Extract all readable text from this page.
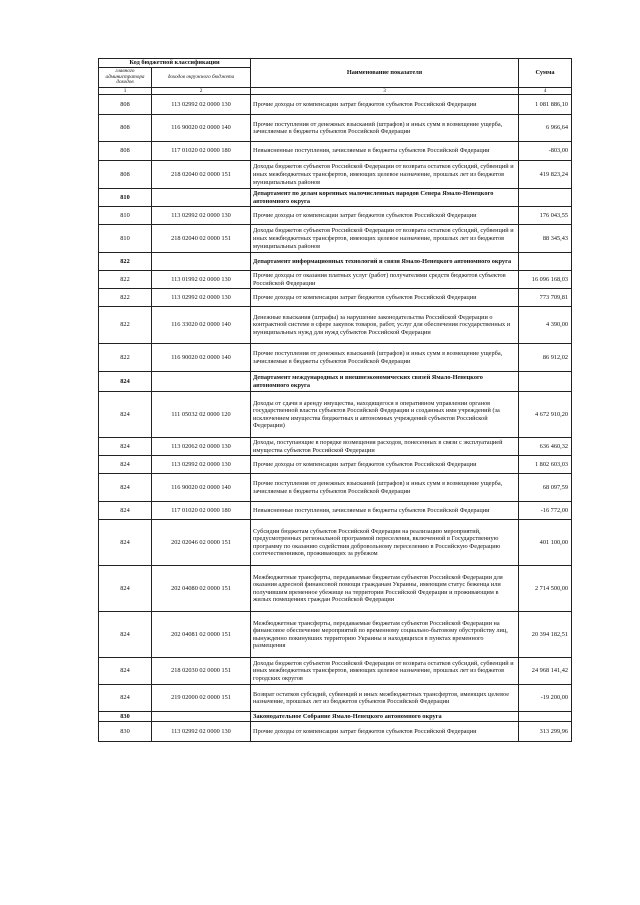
Код бюджетной классификации		Наименование показателя	Сумма
главного администратора доходов	доходов окружного бюджета		
1	2	3	4
808	113 02992 02 0000 130	Прочие доходы от компенсации затрат бюджетов субъектов Российской Федерации	1 081 886,10
808	116 90020 02 0000 140	Прочие поступления от денежных взысканий (штрафов) и иных сумм в возмещение ущерба, зачисляемые в бюджеты субъектов Российской Федерации	6 966,64
808	117 01020 02 0000 180	Невыясненные поступления, зачисляемые в бюджеты субъектов Российской Федерации	-803,00
808	218 02040 02 0000 151	Доходы бюджетов субъектов Российской Федерации от возврата остатков субсидий, субвенций и иных межбюджетных трансфертов, имеющих целевое назначение, прошлых лет из бюджетов муниципальных районов	419 823,24
810		Департамент по делам коренных малочисленных народов Севера Ямало-Ненецкого автономного округа	
810	113 02992 02 0000 130	Прочие доходы от компенсации затрат бюджетов субъектов Российской Федерации	176 043,55
810	218 02040 02 0000 151	Доходы бюджетов субъектов Российской Федерации от возврата остатков субсидий, субвенций и иных межбюджетных трансфертов, имеющих целевое назначение, прошлых лет из бюджетов муниципальных районов	88 345,43
822		Департамент информационных технологий и связи Ямало-Ненецкого автономного округа	
822	113 01992 02 0000 130	Прочие доходы от оказания платных услуг (работ) получателями средств бюджетов субъектов Российской Федерации	16 096 168,03
822	113 02992 02 0000 130	Прочие доходы от компенсации затрат бюджетов субъектов Российской Федерации	773 709,81
822	116 33020 02 0000 140	Денежные взыскания (штрафы) за нарушение законодательства Российской Федерации о контрактной системе в сфере закупок товаров, работ, услуг для обеспечения государственных и муниципальных нужд для нужд субъектов Российской Федерации	4 390,00
822	116 90020 02 0000 140	Прочие поступления от денежных взысканий (штрафов) и иных сумм в возмещение ущерба, зачисляемые в бюджеты субъектов Российской Федерации	86 912,02
824		Департамент международных и внешнеэкономических связей Ямало-Ненецкого автономного округа	
824	111 05032 02 0000 120	Доходы от сдачи в аренду имущества, находящегося в оперативном управлении органов государственной власти субъектов Российской Федерации и созданных ими учреждений (за исключением имущества бюджетных и автономных учреждений субъектов Российской Федерации)	4 672 910,20
824	113 02062 02 0000 130	Доходы, поступающие в порядке возмещения расходов, понесенных в связи с эксплуатацией имущества субъектов Российской Федерации	636 460,32
824	113 02992 02 0000 130	Прочие доходы от компенсации затрат бюджетов субъектов Российской Федерации	1 802 603,03
824	116 90020 02 0000 140	Прочие поступления от денежных взысканий (штрафов) и иных сумм в возмещение ущерба, зачисляемые в бюджеты субъектов Российской Федерации	68 097,59
824	117 01020 02 0000 180	Невыясненные поступления, зачисляемые в бюджеты субъектов Российской Федерации	-16 772,00
824	202 02046 02 0000 151	Субсидии бюджетам субъектов Российской Федерации на реализацию мероприятий, предусмотренных региональной программой переселения, включенной в Государственную программу по оказанию содействия добровольному переселению в Российскую Федерацию соотечественников, проживающих за рубежом	401 100,00
824	202 04080 02 0000 151	Межбюджетные трансферты, передаваемые бюджетам субъектов Российской Федерации для оказания адресной финансовой помощи гражданам Украины, имеющим статус беженца или получившим временное убежище на территории Российской Федерации и проживающим в жилых помещениях граждан Российской Федерации	2 714 500,00
824	202 04081 02 0000 151	Межбюджетные трансферты, передаваемые бюджетам субъектов Российской Федерации на финансовое обеспечение мероприятий по временному социально-бытовому обустройству лиц, вынужденно покинувших территорию Украины и находящихся в пунктах временного размещения	20 394 182,51
824	218 02030 02 0000 151	Доходы бюджетов субъектов Российской Федерации от возврата остатков субсидий, субвенций и иных межбюджетных трансфертов, имеющих целевое назначение, прошлых лет из бюджетов городских округов	24 968 141,42
824	219 02000 02 0000 151	Возврат остатков субсидий, субвенций и иных межбюджетных трансфертов, имеющих целевое назначение, прошлых лет из бюджетов субъектов Российской Федерации	-19 200,00
830		Законодательное Собрание Ямало-Ненецкого автономного округа	
830	113 02992 02 0000 130	Прочие доходы от компенсации затрат бюджетов субъектов Российской Федерации	313 299,96
